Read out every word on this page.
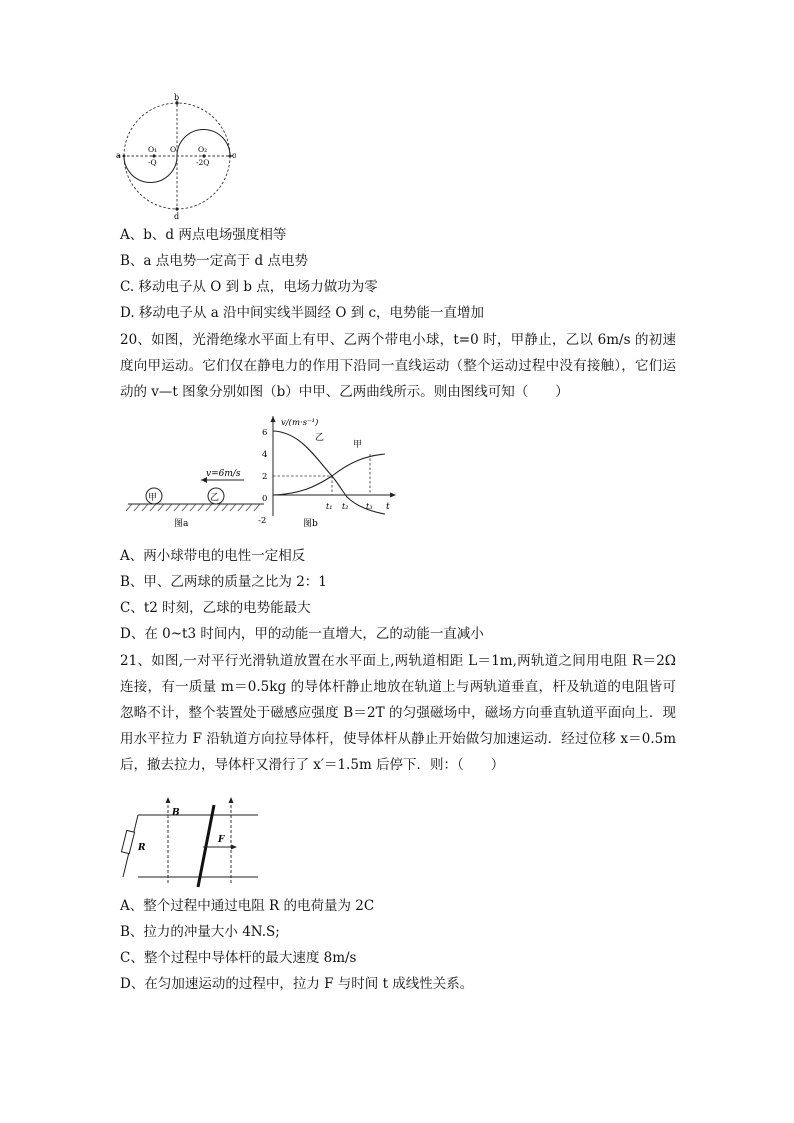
b
d
a	c
O₁ O	O₂
-Q	-2Q
A、b、d 两点电场强度相等
B、a 点电势一定高于 d 点电势
C. 移动电子从 O 到 b 点，电场力做功为零
D. 移动电子从 a 沿中间实线半圆经 O 到 c，电势能一直增加
20、如图，光滑绝缘水平面上有甲、乙两个带电小球，t=0 时，甲静止，乙以 6m/s 的初速度向甲运动。它们仅在静电力的作用下沿同一直线运动（整个运动过程中没有接触），它们运动的 v—t 图象分别如图（b）中甲、乙两曲线所示。则由图线可知（　　）
甲	乙
v=6m/s
图a
v/(m·s⁻¹)
6
4
2
0
-2
乙
甲
t₁ t₂ t₃ t
图b
A、两小球带电的电性一定相反
B、甲、乙两球的质量之比为 2：1
C、t2 时刻，乙球的电势能最大
D、在 0~t3 时间内，甲的动能一直增大，乙的动能一直减小
21、如图,一对平行光滑轨道放置在水平面上,两轨道相距 L＝1m,两轨道之间用电阻 R＝2Ω 连接，有一质量 m＝0.5kg 的导体杆静止地放在轨道上与两轨道垂直，杆及轨道的电阻皆可忽略不计，整个装置处于磁感应强度 B＝2T 的匀强磁场中，磁场方向垂直轨道平面向上．现用水平拉力 F 沿轨道方向拉导体杆，使导体杆从静止开始做匀加速运动．经过位移 x＝0.5m 后，撤去拉力，导体杆又滑行了 x′＝1.5m 后停下．则：（　　）
R
B
F
A、整个过程中通过电阻 R 的电荷量为 2C
B、拉力的冲量大小 4N.S;
C、整个过程中导体杆的最大速度 8m/s
D、在匀加速运动的过程中，拉力 F 与时间 t 成线性关系。
